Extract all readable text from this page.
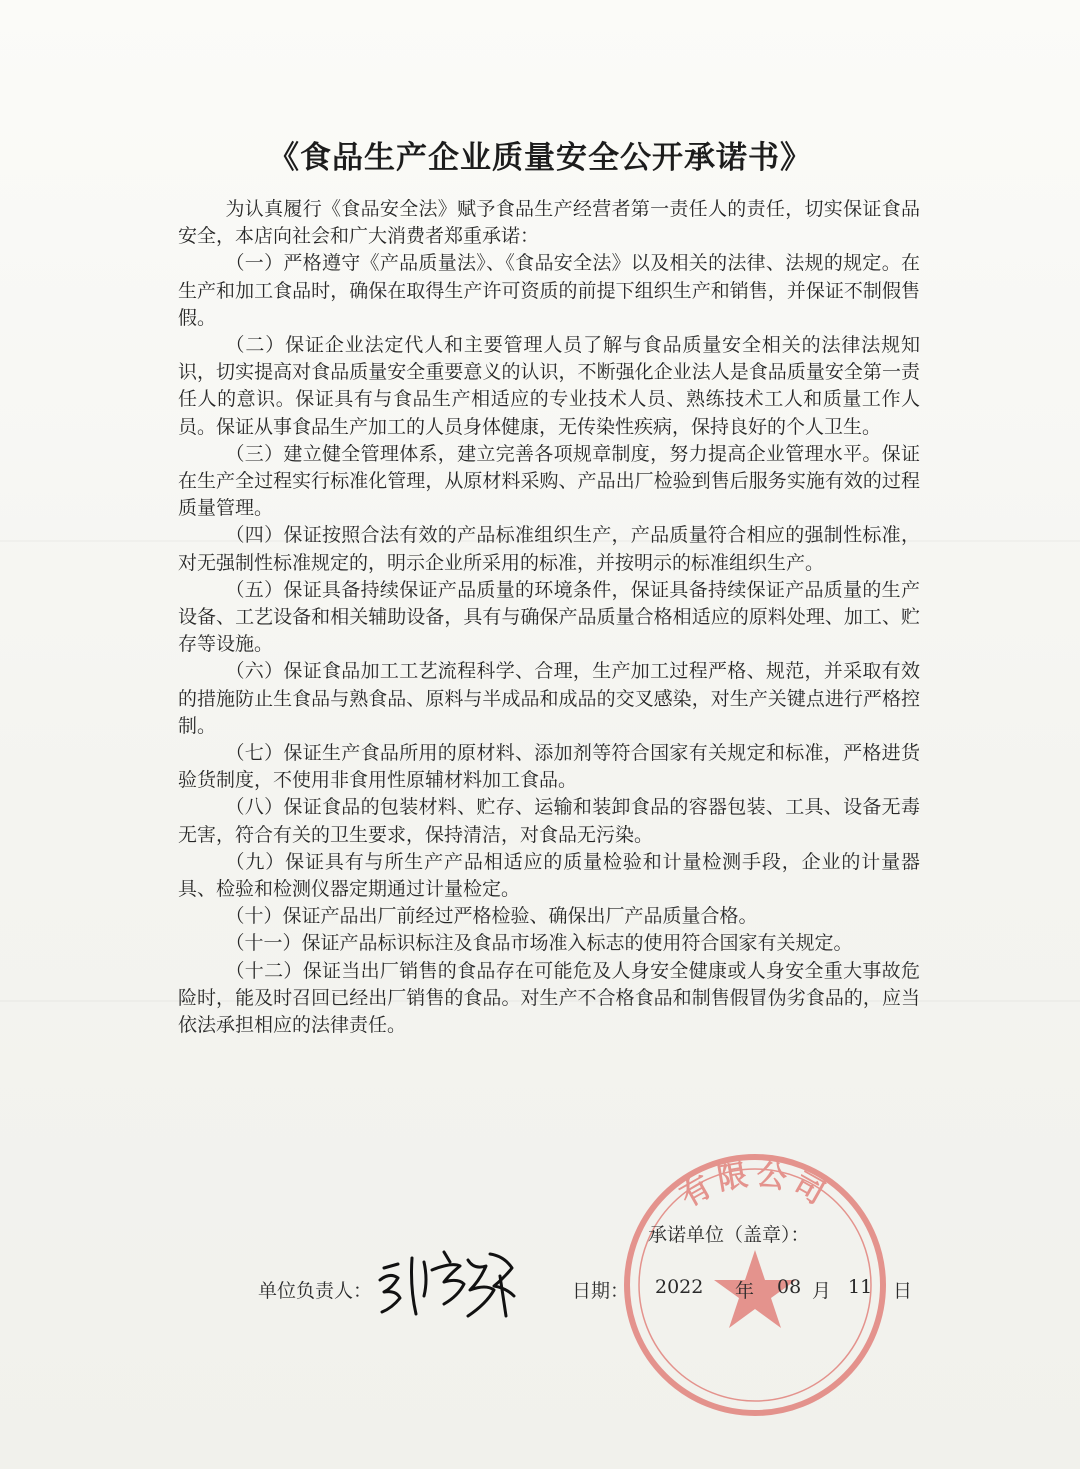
《食品生产企业质量安全公开承诺书》

为认真履行《食品安全法》赋予食品生产经营者第一责任人的责任，切实保证食品安全，本店向社会和广大消费者郑重承诺：

（一）严格遵守《产品质量法》、《食品安全法》以及相关的法律、法规的规定。在生产和加工食品时，确保在取得生产许可资质的前提下组织生产和销售，并保证不制假售假。

（二）保证企业法定代人和主要管理人员了解与食品质量安全相关的法律法规知识，切实提高对食品质量安全重要意义的认识，不断强化企业法人是食品质量安全第一责任人的意识。保证具有与食品生产相适应的专业技术人员、熟练技术工人和质量工作人员。保证从事食品生产加工的人员身体健康，无传染性疾病，保持良好的个人卫生。

（三）建立健全管理体系，建立完善各项规章制度，努力提高企业管理水平。保证在生产全过程实行标准化管理，从原材料采购、产品出厂检验到售后服务实施有效的过程质量管理。

（四）保证按照合法有效的产品标准组织生产，产品质量符合相应的强制性标准，对无强制性标准规定的，明示企业所采用的标准，并按明示的标准组织生产。

（五）保证具备持续保证产品质量的环境条件，保证具备持续保证产品质量的生产设备、工艺设备和相关辅助设备，具有与确保产品质量合格相适应的原料处理、加工、贮存等设施。

（六）保证食品加工工艺流程科学、合理，生产加工过程严格、规范，并采取有效的措施防止生食品与熟食品、原料与半成品和成品的交叉感染，对生产关键点进行严格控制。

（七）保证生产食品所用的原材料、添加剂等符合国家有关规定和标准，严格进货验货制度，不使用非食用性原辅材料加工食品。

（八）保证食品的包装材料、贮存、运输和装卸食品的容器包装、工具、设备无毒无害，符合有关的卫生要求，保持清洁，对食品无污染。

（九）保证具有与所生产产品相适应的质量检验和计量检测手段，企业的计量器具、检验和检测仪器定期通过计量检定。

（十）保证产品出厂前经过严格检验、确保出厂产品质量合格。

（十一）保证产品标识标注及食品市场准入标志的使用符合国家有关规定。

（十二）保证当出厂销售的食品存在可能危及人身安全健康或人身安全重大事故危险时，能及时召回已经出厂销售的食品。对生产不合格食品和制售假冒伪劣食品的，应当依法承担相应的法律责任。

有限公司
承诺单位（盖章）：
单位负责人：	日期： 2022 年 08 月 11 日
